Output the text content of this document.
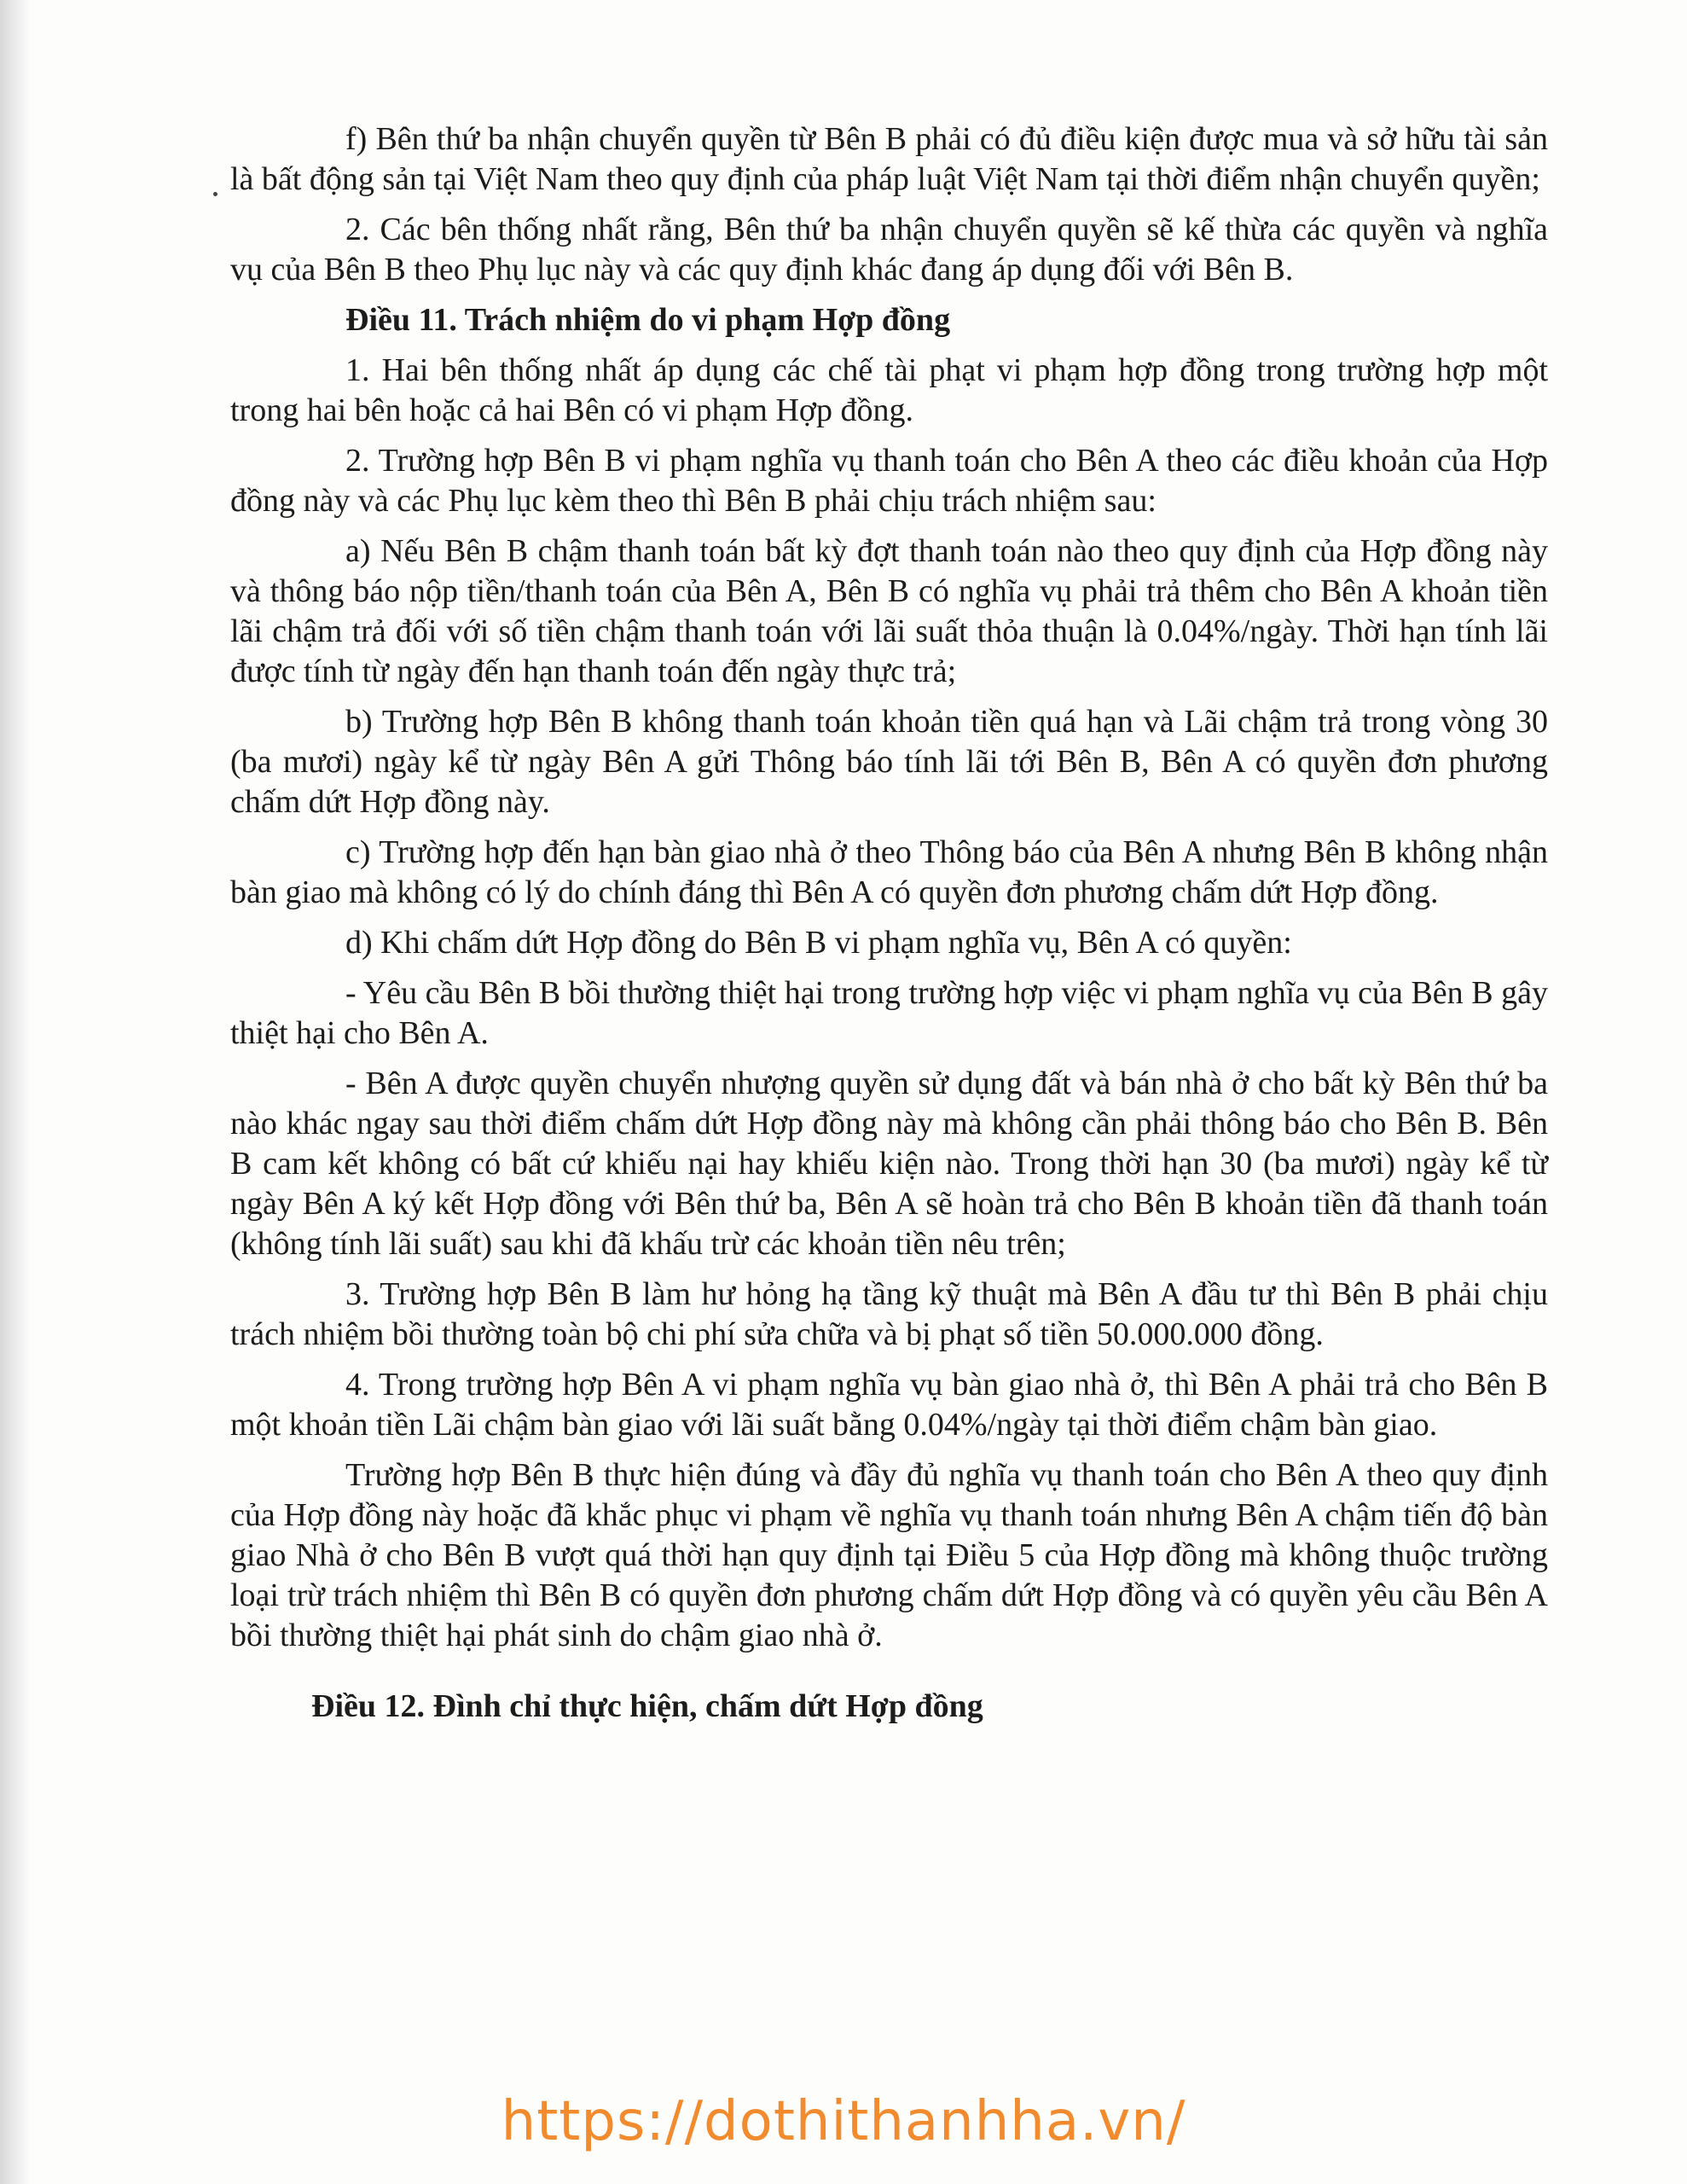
f) Bên thứ ba nhận chuyển quyền từ Bên B phải có đủ điều kiện được mua và sở hữu tài sản là bất động sản tại Việt Nam theo quy định của pháp luật Việt Nam tại thời điểm nhận chuyển quyền;

2. Các bên thống nhất rằng, Bên thứ ba nhận chuyển quyền sẽ kế thừa các quyền và nghĩa vụ của Bên B theo Phụ lục này và các quy định khác đang áp dụng đối với Bên B.

Điều 11. Trách nhiệm do vi phạm Hợp đồng

1. Hai bên thống nhất áp dụng các chế tài phạt vi phạm hợp đồng trong trường hợp một trong hai bên hoặc cả hai Bên có vi phạm Hợp đồng.

2. Trường hợp Bên B vi phạm nghĩa vụ thanh toán cho Bên A theo các điều khoản của Hợp đồng này và các Phụ lục kèm theo thì Bên B phải chịu trách nhiệm sau:

a) Nếu Bên B chậm thanh toán bất kỳ đợt thanh toán nào theo quy định của Hợp đồng này và thông báo nộp tiền/thanh toán của Bên A, Bên B có nghĩa vụ phải trả thêm cho Bên A khoản tiền lãi chậm trả đối với số tiền chậm thanh toán với lãi suất thỏa thuận là 0.04%/ngày. Thời hạn tính lãi được tính từ ngày đến hạn thanh toán đến ngày thực trả;

b) Trường hợp Bên B không thanh toán khoản tiền quá hạn và Lãi chậm trả trong vòng 30 (ba mươi) ngày kể từ ngày Bên A gửi Thông báo tính lãi tới Bên B, Bên A có quyền đơn phương chấm dứt Hợp đồng này.

c) Trường hợp đến hạn bàn giao nhà ở theo Thông báo của Bên A nhưng Bên B không nhận bàn giao mà không có lý do chính đáng thì Bên A có quyền đơn phương chấm dứt Hợp đồng.

d) Khi chấm dứt Hợp đồng do Bên B vi phạm nghĩa vụ, Bên A có quyền:

- Yêu cầu Bên B bồi thường thiệt hại trong trường hợp việc vi phạm nghĩa vụ của Bên B gây thiệt hại cho Bên A.

- Bên A được quyền chuyển nhượng quyền sử dụng đất và bán nhà ở cho bất kỳ Bên thứ ba nào khác ngay sau thời điểm chấm dứt Hợp đồng này mà không cần phải thông báo cho Bên B. Bên B cam kết không có bất cứ khiếu nại hay khiếu kiện nào. Trong thời hạn 30 (ba mươi) ngày kể từ ngày Bên A ký kết Hợp đồng với Bên thứ ba, Bên A sẽ hoàn trả cho Bên B khoản tiền đã thanh toán (không tính lãi suất) sau khi đã khấu trừ các khoản tiền nêu trên;

3. Trường hợp Bên B làm hư hỏng hạ tầng kỹ thuật mà Bên A đầu tư thì Bên B phải chịu trách nhiệm bồi thường toàn bộ chi phí sửa chữa và bị phạt số tiền 50.000.000 đồng.

4. Trong trường hợp Bên A vi phạm nghĩa vụ bàn giao nhà ở, thì Bên A phải trả cho Bên B một khoản tiền Lãi chậm bàn giao với lãi suất bằng 0.04%/ngày tại thời điểm chậm bàn giao.

Trường hợp Bên B thực hiện đúng và đầy đủ nghĩa vụ thanh toán cho Bên A theo quy định của Hợp đồng này hoặc đã khắc phục vi phạm về nghĩa vụ thanh toán nhưng Bên A chậm tiến độ bàn giao Nhà ở cho Bên B vượt quá thời hạn quy định tại Điều 5 của Hợp đồng mà không thuộc trường loại trừ trách nhiệm thì Bên B có quyền đơn phương chấm dứt Hợp đồng và có quyền yêu cầu Bên A bồi thường thiệt hại phát sinh do chậm giao nhà ở.

Điều 12. Đình chỉ thực hiện, chấm dứt Hợp đồng

https://dothithanhha.vn/
